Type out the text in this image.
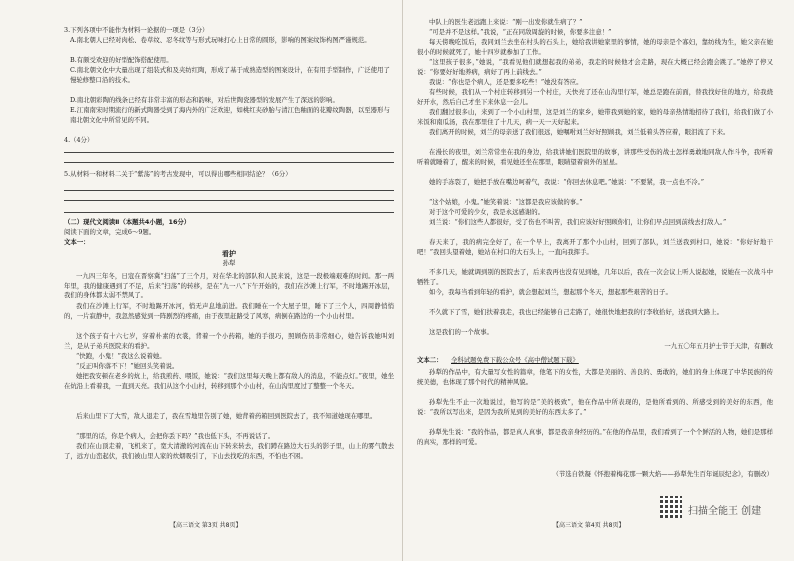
3.下列各项中不能作为材料一论据的一项是（3分）
A.南北朝人已经对肉松、卷草纹、忍冬纹等与形式玩味打心上日常的圆形，影响的图案纹饰构图严谨规范。
B.有颇受欢迎的好型配饰搭配使用。
C.南北朝文化中大量出现了组装式和及夹纺红陶，形成了基于成熟造型的图案设计，在有用手型制作，广泛使用了慢轮修整口沿的技术。
D.南北朝彩陶的线条已经有非常丰富的形态和韵味，对后世陶瓷器型的发展产生了深远的影响。
E.江南南宋时期流行的新式陶器受到了海内外的广泛欢迎，如桃红夹砂胎与清江色釉面的花瓣纹陶器，以至器形与南北朝文化中所常见的不同。
4.（4分）
5.从材料一和材料二关于“紫荡”的考古发现中，可以得出哪些相同结论？（6分）
（二）现代文阅读Ⅱ（本题共4小题，16分）
阅读下面的文章，完成6～9题。
文本一：
看护
孙犁
一九四三年冬，日寇在晋察冀“扫荡”了三个月，对在华北的部队和人民来说，这是一段极端艰难的时间。那一两年里，我的健康遇到了不足，后来“扫荡”的转移，是在“九一八”下午开始的，我们在沙滩上行军，不时地踢开冰层，我们的身体都太弱不禁风了。
我们在沙滩上行军，不时地踢开冰河，悄无声息地前进。我们睡在一个大屋子里，睡下了三个人，四周静悄悄的，一片寂静中，我忽然感觉到一阵剧烈的疼痛，由于夜里赶路受了风寒，病倒在路边的一个小山村里。
这个孩子有十六七岁，穿着朴素的衣裳，背着一个小药箱，她的手很巧，照顾伤员非常细心，她告诉我她叫刘兰，是从子弟兵医院来的看护。
“快跑，小鬼！”我这么说着她。
“反正叫你落不下！”她回头笑着说。
她把我安顿在老乡的炕上，给我煎药、喂饭，她说：“我们这里每天晚上都有敌人的消息，不能点灯。”夜里，她坐在炕沿上看着我，一直到天亮。我们从这个小山村，转移到那个小山村，在山沟里度过了整整一个冬天。
后来山里下了大雪，敌人退走了，我在雪地里告别了她，她背着药箱回到医院去了，我不知道她现在哪里。
“那里的话，你是个病人，会把你丢下吗？”我也低下头，不再说话了。
我们在山顶走着，飞机来了，宽大清澈的河流在山下转来转去，我们蹲在路边大石头的影子里，山上的雾气散去了，远方山峦起伏，我们被山里人家的炊烟吸引了，下山去找吃的东西，不怕也不困。
【高三语文 第3页 共8页】
中队上的医生老远跑上来说：“刚一出发你就生病了？”
“可是并不是这样。”我说，“正在同敌周旋的时候，你要多注意！”
每天傍晚吃饭后，我同刘兰去坐在村头的石头上，她给我讲她家里的事情，她的母亲是个寡妇，靠纺线为生，她父亲在她很小的时候就死了，她十四岁就参加了工作。
“这里孩子很多，”她说，“我看见他们就想起我的弟弟，我走的时候他才会走路，现在大概已经会跑会跳了。”她停了停又说：“你要好好地养病，病好了再上前线去。”
我说：“你也是个病人，还是要多吃些！”她没有答应。
有些时候，我们从一个村庄转移到另一个村庄，天快亮了还在山沟里行军，她总是跑在前面，替我找好住的地方，给我烧好开水，然后自己才坐下来休息一会儿。
我们翻过很多山，来到了一个小山村里，这是刘兰的家乡，她带我到她的家，她的母亲热情地招待了我们，给我们做了小米饭和南瓜汤，我在那里住了十几天，病一天一天好起来。
我们离开的时候，刘兰的母亲送了我们很远，她嘱咐刘兰好好照顾我，刘兰低着头答应着，眼泪流了下来。
在漫长的夜里，刘兰常常坐在我的身边，给我讲她们医院里的故事，讲那些受伤的战士怎样勇敢地同敌人作斗争，我听着听着就睡着了，醒来的时候，看见她还坐在那里，眼睛望着窗外的星星。
她的手冻裂了，她把手放在嘴边呵着气，我说：“你回去休息吧。”她说：“不要紧，我一点也不冷。”
“这个姑娘，小鬼。”她笑着说：“这都是我应该做的事。”
对于这个可爱的少女，我是永远感谢的。
刘兰说：“你们这些人都很好，受了伤也不叫苦，我们应该好好照顾你们，让你们早点回到前线去打敌人。”
春天来了，我的病完全好了，在一个早上，我离开了那个小山村，回到了部队，刘兰送我到村口，她说：“你好好地干吧！”我回头望着她，她站在村口的大石头上，一直向我挥手。
不多几天，她就调到别的医院去了，后来我再也没有见到她，几年以后，我在一次会议上听人说起她，说她在一次战斗中牺牲了。
如今，我每当看到年轻的看护，就会想起刘兰，想起那个冬天，想起那些艰苦的日子。
不久就下了雪，她们扶着我走，我也已经能够自己走路了，她很快地把我的行李收拾好，送我到大路上。
这是我们的一个故事。
一九五〇年五月护士节于天津，有删改
文本二：	全科试题免费下载公众号《高中僧试题下载》
孙犁的作品中，有大量写女性的篇章，他笔下的女性，大都是美丽的、善良的、勇敢的，她们的身上体现了中华民族的传统美德，也体现了那个时代的精神风貌。
孙犁先生不止一次地说过，他写的是“美的极致”，他在作品中所表现的，是他所看到的、所感受到的美好的东西，他说：“我所以写出来，是因为我所见到的美好的东西太多了。”
孙犁先生说：“我的作品，都是真人真事，都是我亲身经历的。”在他的作品里，我们看到了一个个鲜活的人物，她们是那样的真实，那样的可爱。
（节选自铁凝《怀抱着梅花那一颗大焰——孙犁先生百年诞辰纪念》，有删改）
【高三语文 第4页 共8页】
扫描全能王 创建
